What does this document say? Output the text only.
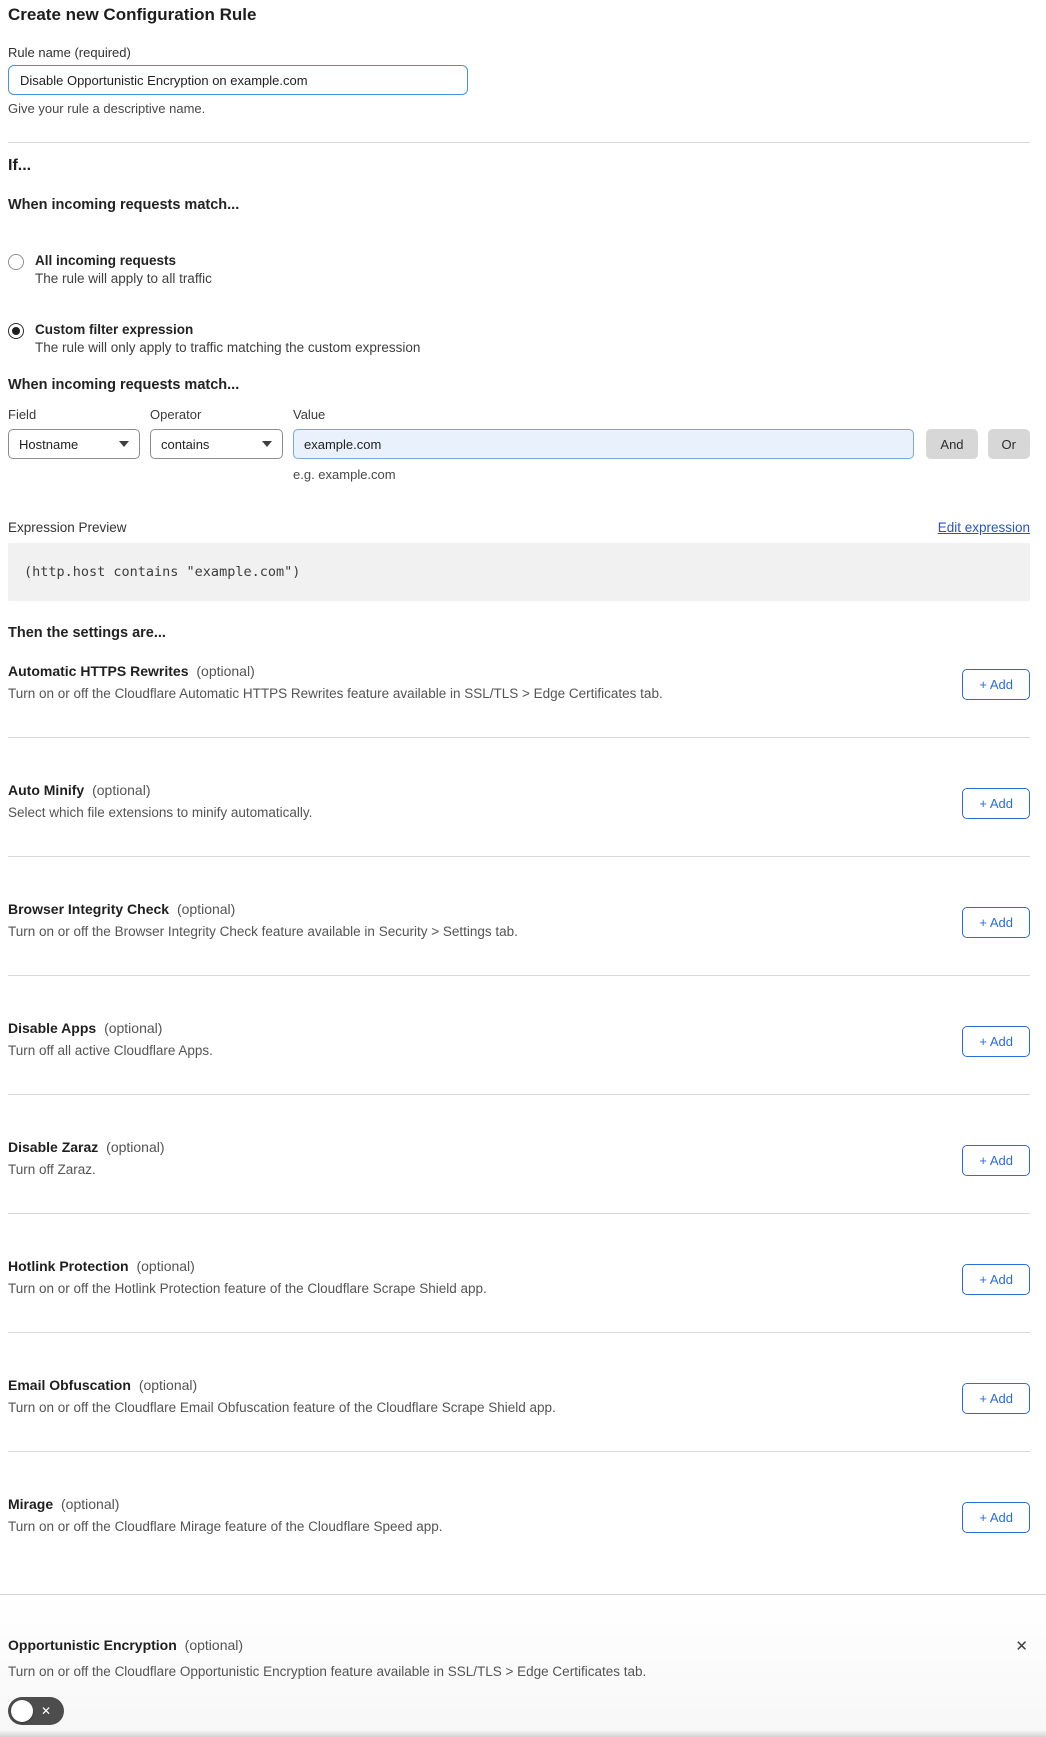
Create new Configuration Rule
Rule name (required)
Disable Opportunistic Encryption on example.com
Give your rule a descriptive name.
If...
When incoming requests match...
All incoming requests
The rule will apply to all traffic
Custom filter expression
The rule will only apply to traffic matching the custom expression
When incoming requests match...
Field
Hostname
Operator
contains
Value
example.com
e.g. example.com
And	Or
Expression Preview	Edit expression
(http.host contains "example.com")
Then the settings are...
Automatic HTTPS Rewrites (optional)

Turn on or off the Cloudflare Automatic HTTPS Rewrites feature available in SSL/TLS > Edge Certificates tab.

+ Add
Auto Minify (optional)

Select which file extensions to minify automatically.

+ Add
Browser Integrity Check (optional)

Turn on or off the Browser Integrity Check feature available in Security > Settings tab.

+ Add
Disable Apps (optional)

Turn off all active Cloudflare Apps.

+ Add
Disable Zaraz (optional)

Turn off Zaraz.

+ Add
Hotlink Protection (optional)

Turn on or off the Hotlink Protection feature of the Cloudflare Scrape Shield app.

+ Add
Email Obfuscation (optional)

Turn on or off the Cloudflare Email Obfuscation feature of the Cloudflare Scrape Shield app.

+ Add
Mirage (optional)

Turn on or off the Cloudflare Mirage feature of the Cloudflare Speed app.

+ Add
Opportunistic Encryption (optional)	✕

Turn on or off the Cloudflare Opportunistic Encryption feature available in SSL/TLS > Edge Certificates tab.

✕
